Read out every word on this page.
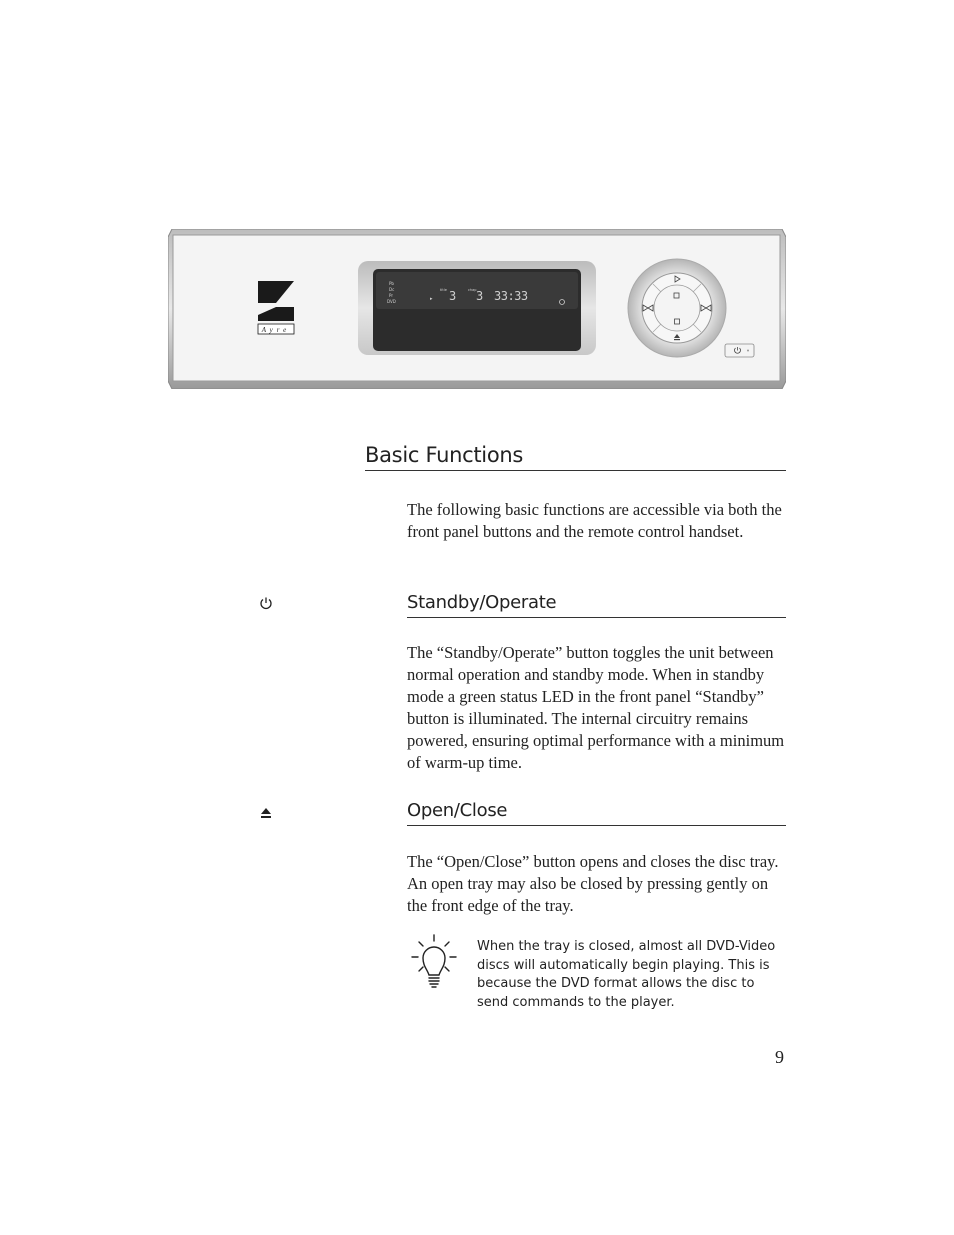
Ayre
Pb
Dc
Pr
DVD
title	chap
▸ 3 3 33:33
Basic Functions
The following basic functions are accessible via both the front panel buttons and the remote control handset.
Standby/Operate
The “Standby/Operate” button toggles the unit between normal operation and standby mode. When in standby mode a green status LED in the front panel “Standby” button is illuminated. The internal circuitry remains powered, ensuring optimal performance with a minimum of warm-up time.
Open/Close
The “Open/Close” button opens and closes the disc tray. An open tray may also be closed by pressing gently on the front edge of the tray.
When the tray is closed, almost all DVD-Video discs will automatically begin playing. This is because the DVD format allows the disc to send commands to the player.
9
